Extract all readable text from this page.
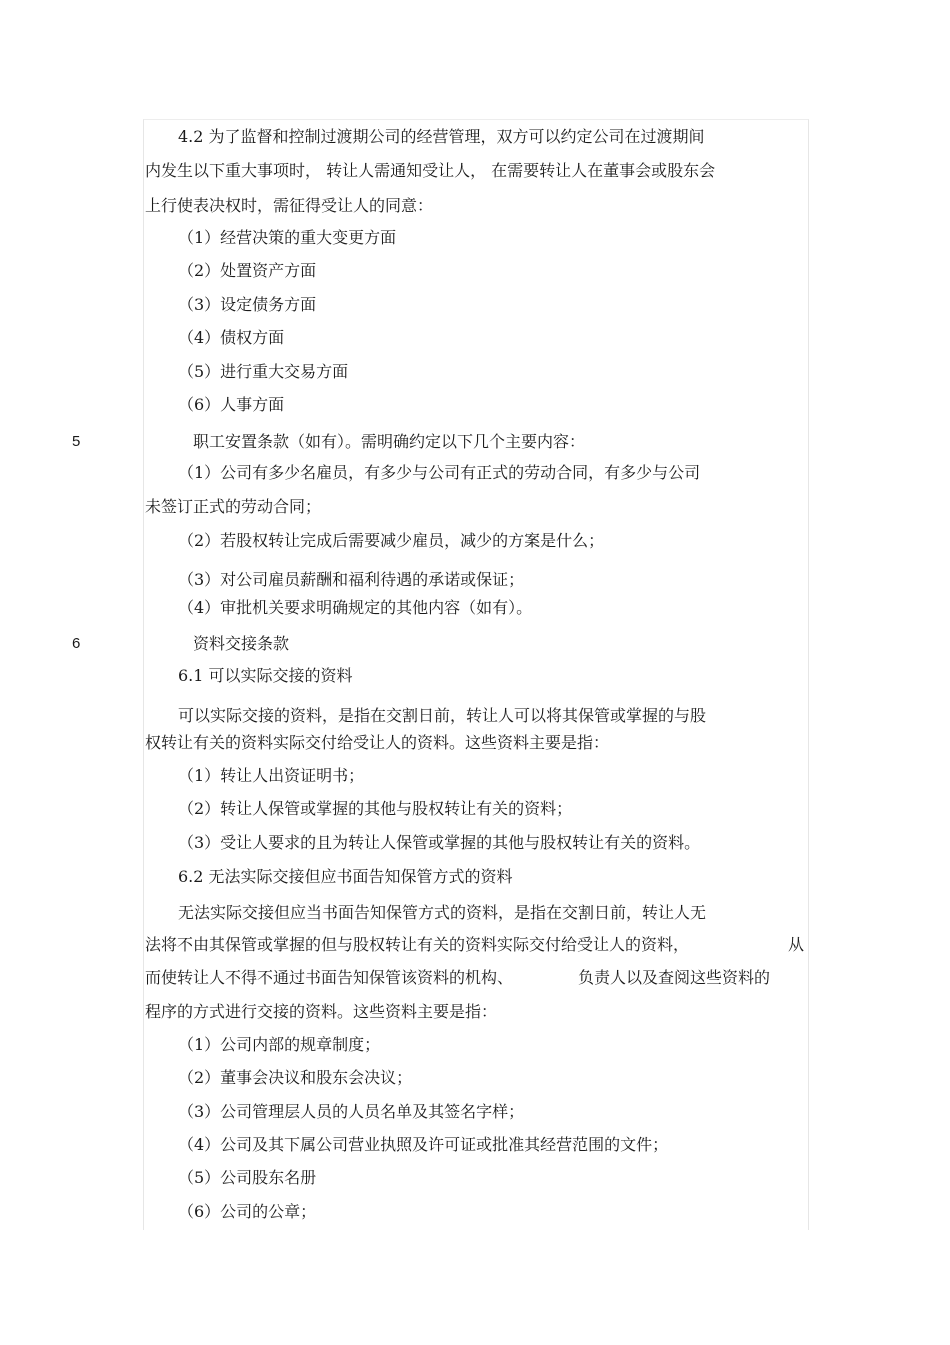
4.2 为了监督和控制过渡期公司的经营管理，双方可以约定公司在过渡期间
内发生以下重大事项时， 转让人需通知受让人， 在需要转让人在董事会或股东会
上行使表决权时，需征得受让人的同意：
（1）经营决策的重大变更方面
（2）处置资产方面
（3）设定债务方面
（4）债权方面
（5）进行重大交易方面
（6）人事方面
5	职工安置条款（如有）。需明确约定以下几个主要内容：
（1）公司有多少名雇员，有多少与公司有正式的劳动合同，有多少与公司
未签订正式的劳动合同；
（2）若股权转让完成后需要减少雇员，减少的方案是什么；
（3）对公司雇员薪酬和福利待遇的承诺或保证；
（4）审批机关要求明确规定的其他内容（如有）。
6	资料交接条款
6.1 可以实际交接的资料
可以实际交接的资料，是指在交割日前，转让人可以将其保管或掌握的与股
权转让有关的资料实际交付给受让人的资料。这些资料主要是指：
（1）转让人出资证明书；
（2）转让人保管或掌握的其他与股权转让有关的资料；
（3）受让人要求的且为转让人保管或掌握的其他与股权转让有关的资料。
6.2 无法实际交接但应书面告知保管方式的资料
无法实际交接但应当书面告知保管方式的资料，是指在交割日前，转让人无
法将不由其保管或掌握的但与股权转让有关的资料实际交付给受让人的资料，	从
而使转让人不得不通过书面告知保管该资料的机构、	负责人以及查阅这些资料的
程序的方式进行交接的资料。这些资料主要是指：
（1）公司内部的规章制度；
（2）董事会决议和股东会决议；
（3）公司管理层人员的人员名单及其签名字样；
（4）公司及其下属公司营业执照及许可证或批准其经营范围的文件；
（5）公司股东名册
（6）公司的公章；
